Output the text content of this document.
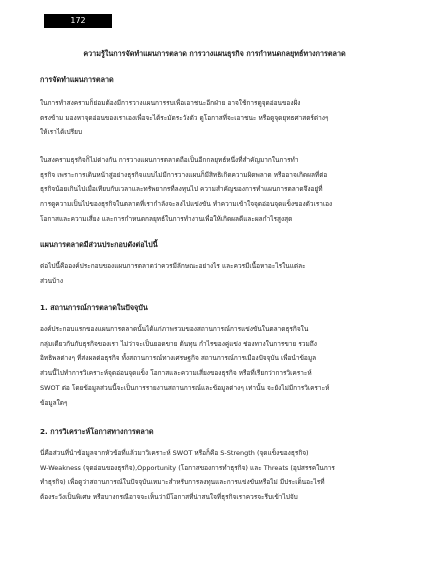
172
ความรู้ในการจัดทำแผนการตลาด การวางแผนธุรกิจ การกำหนดกลยุทธ์ทางการตลาด
การจัดทำแผนการตลาด
ในการทำสงครามก็ย่อมต้องมีการวางแผนการรบเพื่อเอาชนะอีกฝ่าย อาจใช้การดูจุดอ่อนของฝั่ง
ตรงข้าม มองหาจุดอ่อนของเราเองเพื่อจะได้ระมัดระวังตัว ดูโอกาสที่จะเอาชนะ หรือดูจุดยุทธศาสตร์ต่างๆ
ให้เราได้เปรียบ
ในสงครามธุรกิจก็ไม่ต่างกัน การวางแผนการตลาดถือเป็นอีกกลยุทธ์หนึ่งที่สำคัญมากในการทำ
ธุรกิจ เพราะการเดินหน้าสู่อย่างธุรกิจแบบไม่มีการวางแผนก็มีสิทธิเกิดความผิดพลาด หรืออาจเกิดผลที่ต่อ
ธุรกิจน้อยเกินไปเมื่อเทียบกับเวลาและทรัพยากรที่ลงทุนไป ความสำคัญของการทำแผนการตลาดจึงอยู่ที่
การดูความเป็นไปของธุรกิจในตลาดที่เรากำลังจะลงไปแข่งขัน ทำความเข้าใจจุดอ่อนจุดแข็งของตัวเราเอง
โอกาสและความเสี่ยง และการกำหนดกลยุทธ์ในการทำงานเพื่อให้เกิดผลดีและผลกำไรสูงสุด
แผนการตลาดมีส่วนประกอบดังต่อไปนี้
ต่อไปนี้คือองค์ประกอบของแผนการตลาดว่าควรมีลักษณะอย่างไร และควรมีเนื้อหาอะไรในแต่ละ
ส่วนบ้าง
1. สถานการณ์การตลาดในปัจจุบัน
องค์ประกอบแรกของแผนการตลาดนั้นได้แก่ภาพรวมของสถานการณ์การแข่งขันในตลาดธุรกิจใน
กลุ่มเดียวกันกับธุรกิจของเรา ไม่ว่าจะเป็นยอดขาย ต้นทุน กำไรของคู่แข่ง ช่องทางในการขาย รวมถึง
อิทธิพลต่างๆ ที่ส่งผลต่อธุรกิจ ทั้งสถานการณ์ทางเศรษฐกิจ สถานการณ์การเมืองปัจจุบัน เพื่อนำข้อมูล
ส่วนนี้ไปทำการวิเคราะห์จุดอ่อนจุดแข็ง โอกาสและความเสี่ยงของธุรกิจ หรือที่เรียกว่าการวิเคราะห์
SWOT ต่อ โดยข้อมูลส่วนนี้จะเป็นการรายงานสถานการณ์และข้อมูลต่างๆ เท่านั้น จะยังไม่มีการวิเคราะห์
ข้อมูลใดๆ
2. การวิเคราะห์โอกาสทางการตลาด
นี่คือส่วนที่นำข้อมูลจากหัวข้อที่แล้วมาวิเคราะห์ SWOT หรือก็คือ S-Strength (จุดแข็งของธุรกิจ)
W-Weakness (จุดอ่อนของธุรกิจ),Opportunity (โอกาสของการทำธุรกิจ) และ Threats (อุปสรรคในการ
ทำธุรกิจ) เพื่อดูว่าสถานการณ์ในปัจจุบันเหมาะสำหรับการลงทุนและการแข่งขันหรือไม่ มีประเด็นอะไรที่
ต้องระวังเป็นพิเศษ หรือบางกรณีอาจจะเห็นว่ามีโอกาสที่น่าสนใจที่ธุรกิจเราควรจะรีบเข้าไปจับ
